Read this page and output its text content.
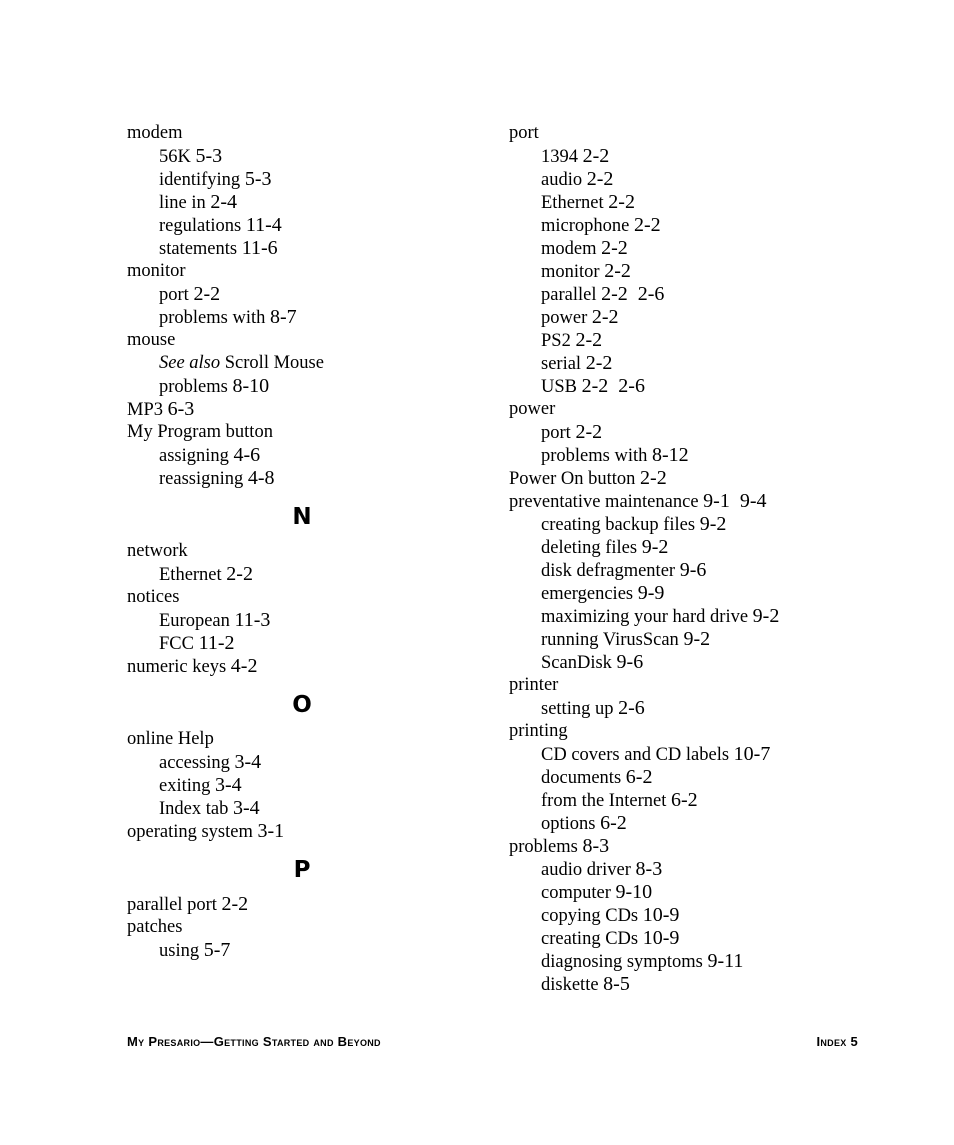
modem
56K 5-3
identifying 5-3
line in 2-4
regulations 11-4
statements 11-6
monitor
port 2-2
problems with 8-7
mouse
See also Scroll Mouse
problems 8-10
MP3 6-3
My Program button
assigning 4-6
reassigning 4-8
N
network
Ethernet 2-2
notices
European 11-3
FCC 11-2
numeric keys 4-2
O
online Help
accessing 3-4
exiting 3-4
Index tab 3-4
operating system 3-1
P
parallel port 2-2
patches
using 5-7
port
1394 2-2
audio 2-2
Ethernet 2-2
microphone 2-2
modem 2-2
monitor 2-2
parallel 2-2  2-6
power 2-2
PS2 2-2
serial 2-2
USB 2-2  2-6
power
port 2-2
problems with 8-12
Power On button 2-2
preventative maintenance 9-1  9-4
creating backup files 9-2
deleting files 9-2
disk defragmenter 9-6
emergencies 9-9
maximizing your hard drive 9-2
running VirusScan 9-2
ScanDisk 9-6
printer
setting up 2-6
printing
CD covers and CD labels 10-7
documents 6-2
from the Internet 6-2
options 6-2
problems 8-3
audio driver 8-3
computer 9-10
copying CDs 10-9
creating CDs 10-9
diagnosing symptoms 9-11
diskette 8-5
My Presario—Getting Started and Beyond	Index 5
